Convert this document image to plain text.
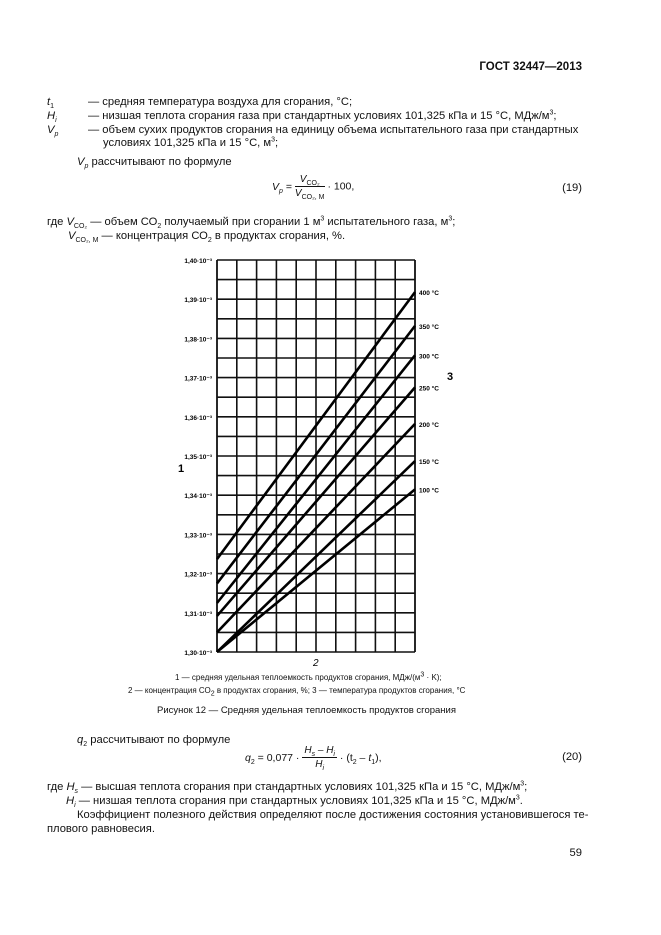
ГОСТ 32447—2013
$t_1$	— средняя температура воздуха для сгорания, °С;
$H_i$	— низшая теплота сгорания газа при стандартных условиях 101,325 кПа и 15 °С, МДж/$м^3$;
$V_р$	— объем сухих продуктов сгорания на единицу объема испытательного газа при стандартных
условиях 101,325 кПа и 15 °С, $м^3$;
$V_р$ рассчитывают по формуле
$V_р = \frac{V_{CO_2}}{V_{CO_2, M}} \cdot 100$,	(19)
где $V_{CO_2}$ — объем $СО_2$ получаемый при сгорании 1 $м^3$ испытательного газа, $м^3$;
$V_{CO_2, M}$ — концентрация $СО_2$ в продуктах сгорания, %.
1,40·10⁻³
1,39·10⁻³
1,38·10⁻³
1,37·10⁻³
1,36·10⁻³
1,35·10⁻³
1,34·10⁻³
1,33·10⁻³
1,32·10⁻³
1,31·10⁻³
1,30·10⁻³
400 °C
350 °C
300 °C
250 °C
200 °C
150 °C
100 °C
1
2
3
1 — средняя удельная теплоемкость продуктов сгорания, МДж/$(м^3 \cdot K)$;
2 — концентрация $СО_2$ в продуктах сгорания, %; 3 — температура продуктов сгорания, °С
Рисунок 12 — Средняя удельная теплоемкость продуктов сгорания
$q_2$ рассчитывают по формуле
$q_2 = 0,077 \cdot \frac{H_s - H_i}{H_i} \cdot (t_2 - t_1)$,	(20)
где $H_s$ — высшая теплота сгорания при стандартных условиях 101,325 кПа и 15 °С, МДж/$м^3$;
$H_i$ — низшая теплота сгорания при стандартных условиях 101,325 кПа и 15 °С, МДж/$м^3$.
Коэффициент полезного действия определяют после достижения состояния установившегося те-
плового равновесия.
59
